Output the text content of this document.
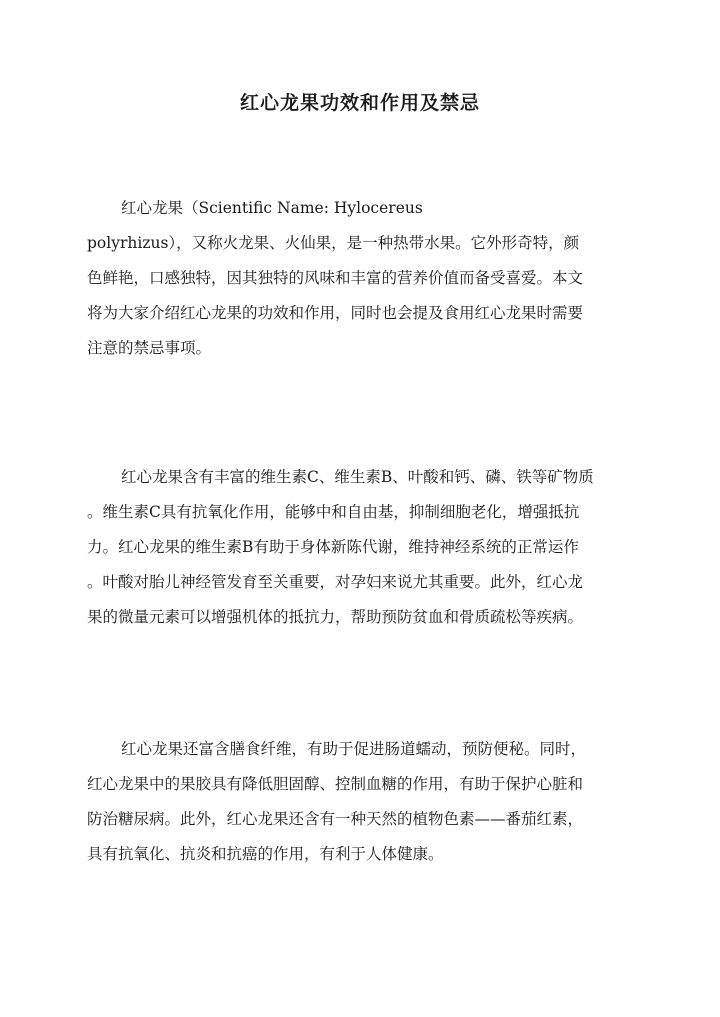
红心龙果功效和作用及禁忌
红心龙果（Scientific Name: Hylocereus
polyrhizus），又称火龙果、火仙果，是一种热带水果。它外形奇特，颜
色鲜艳，口感独特，因其独特的风味和丰富的营养价值而备受喜爱。本文
将为大家介绍红心龙果的功效和作用，同时也会提及食用红心龙果时需要
注意的禁忌事项。
红心龙果含有丰富的维生素C、维生素B、叶酸和钙、磷、铁等矿物质
。维生素C具有抗氧化作用，能够中和自由基，抑制细胞老化，增强抵抗
力。红心龙果的维生素B有助于身体新陈代谢，维持神经系统的正常运作
。叶酸对胎儿神经管发育至关重要，对孕妇来说尤其重要。此外，红心龙
果的微量元素可以增强机体的抵抗力，帮助预防贫血和骨质疏松等疾病。
红心龙果还富含膳食纤维，有助于促进肠道蠕动，预防便秘。同时，
红心龙果中的果胶具有降低胆固醇、控制血糖的作用，有助于保护心脏和
防治糖尿病。此外，红心龙果还含有一种天然的植物色素——番茄红素，
具有抗氧化、抗炎和抗癌的作用，有利于人体健康。
